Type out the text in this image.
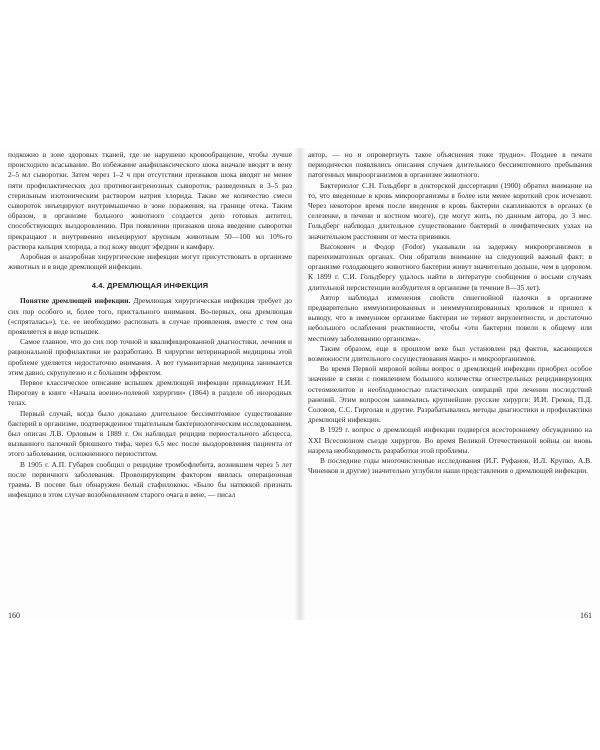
подкожно в зоне здоровых тканей, где не нарушено кровообращение, чтобы лучше происходило всасывание. Во избежание анафилаксического шока вначале вводят в вену 2–5 мл сыворотки. Затем через 1–2 ч при отсутствии признаков шока вводят не менее пяти профилактических доз противогангренозных сывороток, разведенных в 3–5 раз стерильным изотоническим раствором натрия хлорида. Также же количество смеси сывороток инъецируют внутримышечно в зоне поражения, на границе отека. Таким образом, в организме больного животного создается депо готовых антител, способствующих выздоровлению. При появлении признаков шока введение сыворотки прекращают и внутривенно инъецируют крупным животным 50—100 мл 10%-го раствора кальция хлорида, а под кожу вводят эфедрин и камфару.

Аэробная и анаэробная хирургические инфекции могут присутствовать в организме животных и в виде дремлющей инфекции.

4.4. ДРЕМЛЮЩАЯ ИНФЕКЦИЯ

Понятие дремлющей инфекции. Дремлющая хирургическая инфекция требует до сих пор особого и, более того, пристального внимания. Во-первых, она дремлющая («спряталась»), т.е. ее необходимо распознать в случае проявления, вместе с тем она проявляется в виде вспышек.

Самое главное, что до сих пор точной и квалифицированной диагностики, лечения и рациональной профилактики не разработано. В хирургии ветеринарной медицины этой проблеме уделяется недостаточно внимания. А вот гуманитарная медицина занимается этим давно, скрупулезно и с большим эффектом.

Первое классическое описание вспышек дремлющей инфекции принадлежит Н.И. Пирогову в книге «Начала военно-полевой хирургии» (1864) в разделе об инородных телах.

Первый случай, когда было доказано длительное бессимптомное существование бактерий в организме, подтвержденное тщательным бактериологическим исследованием, был описан Л.В. Орловым в 1889 г. Он наблюдал рецидив периостального абсцесса, вызванного палочкой брюшного тифа, через 6,5 мес после выздоровления пациента от этого заболевания, осложненного периоститом.

В 1905 г. А.П. Губарев сообщил о рецидиве тромбофлебита, возникшем через 5 лет после первичного заболевания. Провоцирующим фактором явилась операционная травма. В посеве был обнаружен белый стафилококк. «Было бы натяжкой признать инфекцию в этом случае возобновлением старого очага в вене, — писал

160

автор, — но и опровергнуть такое объяснения тоже трудно». Позднее в печати периодически появлялись описания случаев длительного бессимптомного пребывания патогенных микроорганизмов в организме животного.

Бактериолог С.Н. Гольдберг в докторской диссертации (1900) обратил внимание на то, что введенные в кровь микроорганизмы в более или менее короткий срок исчезают. Через некоторое время после введения в кровь бактерии скапливаются в органах (в селезенке, в печени и костном мозге), где могут жить, по данным автора, до 3 мес. Гольдберг наблюдал длительное существование бактерий в лимфатических узлах на значительном расстоянии от места прививки.

Высокович и Фодор (Fodor) указывали на задержку микроорганизмов в паренхиматозных органах. Они обратили внимание на следующий важный факт: в организме голодающего животного бактерии живут значительно дольше, чем в здоровом. К 1899 г. С.И. Гольдбергу удалось найти в литературе сообщения о восьми случаях длительной персистенции возбудителя в организме (в течение 8—35 лет).

Автор наблюдал изменения свойств синегнойной палочки в организме предварительно иммунизированных и неиммунизированных кроликов и пришел к выводу, что в иммунном организме бактерии не теряют вирулентности, и достаточно небольшого ослабления реактивности, чтобы «эти бактерии повели к общему или местному заболеванию организма».

Таким образом, еще в прошлом веке был установлен ряд фактов, касающихся возможности длительного сосуществования макро- и микроорганизмов.

Во время Первой мировой войны вопрос о дремлющей инфекции приобрел особое значение в связи с появлением большого количества огнестрельных рецидивирующих остеомиелитов и необходимостью пластических операций при лечении последствий ранений. Этим вопросом занимались крупнейшие русские хирурги: И.И. Греков, П.Д. Соловов, С.С. Гирголав и другие. Разрабатывались методы диагностики и профилактики дремлющей инфекции.

В 1929 г. вопрос о дремлющей инфекции подвергся всестороннему обсуждению на XXI Всесоюзном съезде хирургов. Во время Великой Отечественной войны он вновь назрела необходимость разработки этой проблемы.

В последние годы многочисленные исследования (И.Г. Руфанов, И.Л. Крупко, А.В. Чиненков и другие) значительно углубили наши представления о дремлющей инфекции.

161
